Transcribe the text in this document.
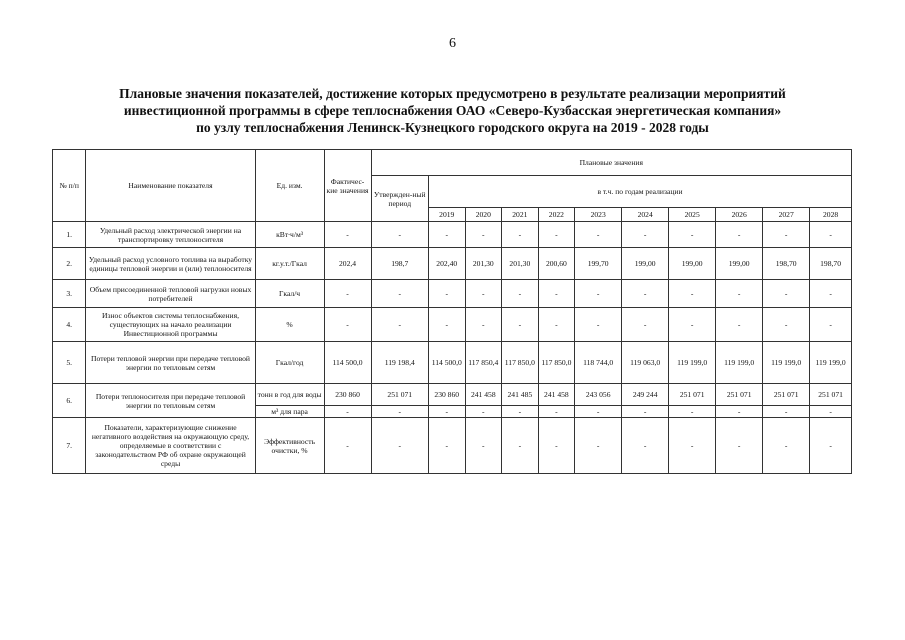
6
Плановые значения показателей, достижение которых предусмотрено в результате реализации мероприятий
инвестиционной программы в сфере теплоснабжения ОАО «Северо-Кузбасская энергетическая компания»
по узлу теплоснабжения Ленинск-Кузнецкого городского округа на 2019 - 2028 годы
№ п/п	Наименование показателя	Ед. изм.	Фактичес-кие значения	Плановые значения										
				Утвержден-ный период	в т.ч. по годам реализации									
					2019	2020	2021	2022	2023	2024	2025	2026	2027	2028
1.	Удельный расход электрической энергии на транспортировку теплоносителя	кВт∙ч/м³	-	-	-	-	-	-	-	-	-	-	-	-
2.	Удельный расход условного топлива на выработку единицы тепловой энергии и (или) теплоносителя	кг.у.т./Гкал	202,4	198,7	202,40	201,30	201,30	200,60	199,70	199,00	199,00	199,00	198,70	198,70
3.	Объем присоединенной тепловой нагрузки новых потребителей	Гкал/ч	-	-	-	-	-	-	-	-	-	-	-	-
4.	Износ объектов системы теплоснабжения, существующих на начало реализации Инвестиционной программы	%	-	-	-	-	-	-	-	-	-	-	-	-
5.	Потери тепловой энергии при передаче тепловой энергии по тепловым сетям	Гкал/год	114 500,0	119 198,4	114 500,0	117 850,4	117 850,0	117 850,0	118 744,0	119 063,0	119 199,0	119 199,0	119 199,0	119 199,0
6.	Потери теплоносителя при передаче тепловой энергии по тепловым сетям	тонн в год для воды	230 860	251 071	230 860	241 458	241 485	241 458	243 056	249 244	251 071	251 071	251 071	251 071
		м³ для пара	-	-	-	-	-	-	-	-	-	-	-	-
7.	Показатели, характеризующие снижение негативного воздействия на окружающую среду, определяемые в соответствии с законодательством РФ об охране окружающей среды	Эффективность очистки, %	-	-	-	-	-	-	-	-	-	-	-	-
